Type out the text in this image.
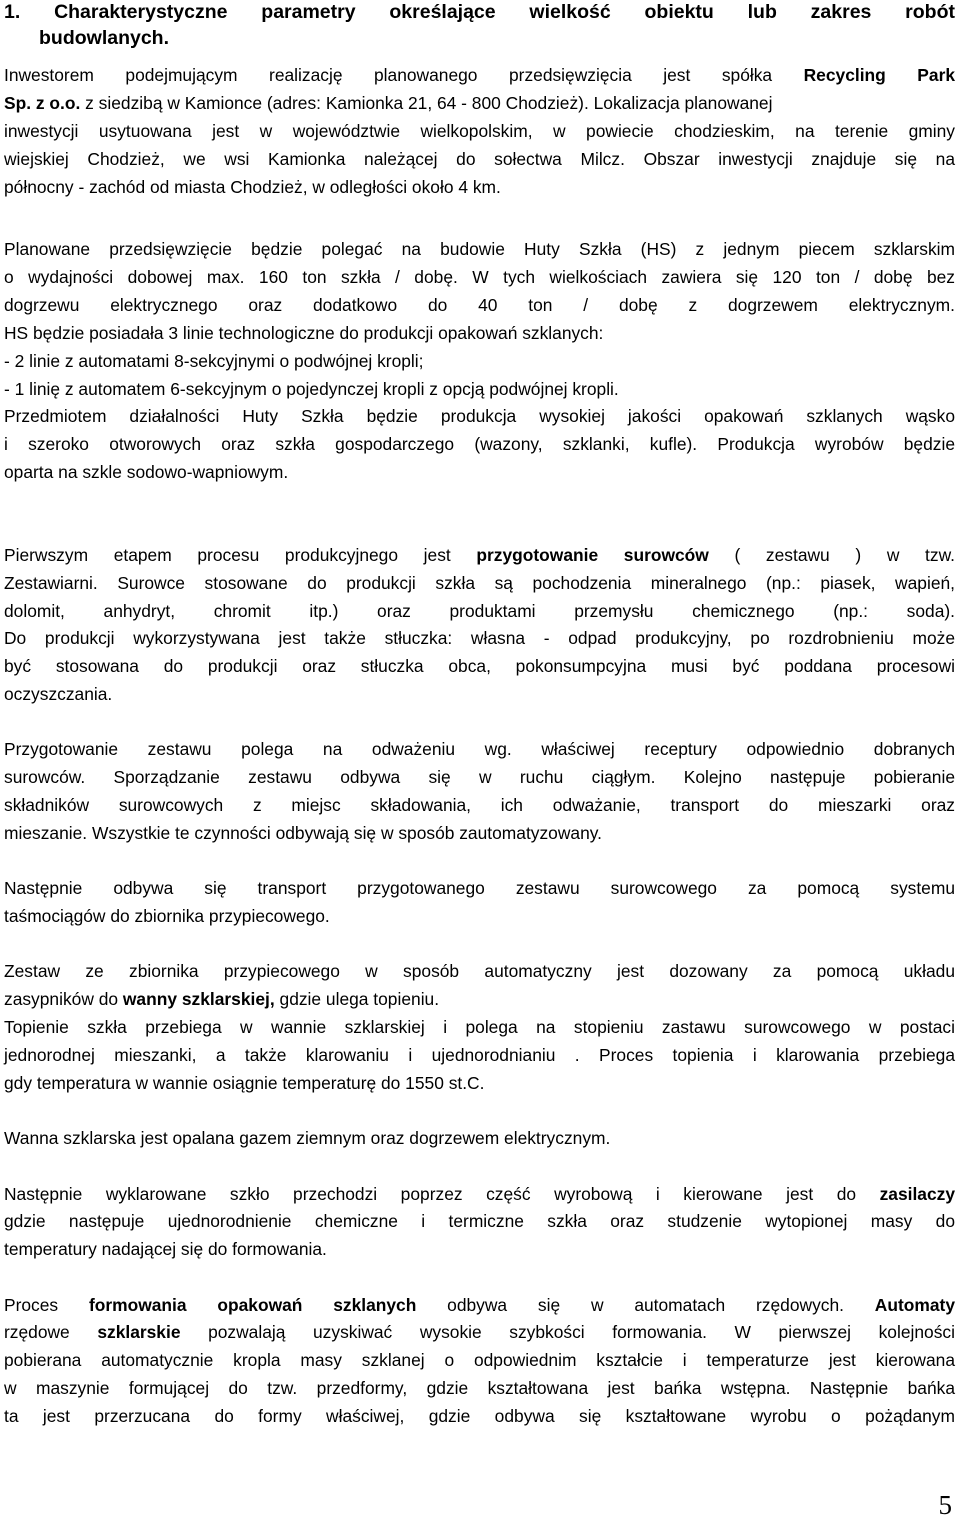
1. Charakterystyczne parametry określające wielkość obiektu lub zakres robót
budowlanych.
Inwestorem podejmującym realizację planowanego przedsięwzięcia jest spółka Recycling Park
Sp. z o.o. z siedzibą w Kamionce (adres: Kamionka 21, 64 - 800 Chodzież). Lokalizacja planowanej
inwestycji usytuowana jest w województwie wielkopolskim, w powiecie chodzieskim, na terenie gminy
wiejskiej Chodzież, we wsi Kamionka należącej do sołectwa Milcz. Obszar inwestycji znajduje się na
północny - zachód od miasta Chodzież, w odległości około 4 km.
Planowane przedsięwzięcie będzie polegać na budowie Huty Szkła (HS) z jednym piecem szklarskim
o wydajności dobowej max. 160 ton szkła / dobę. W tych wielkościach zawiera się 120 ton / dobę bez
dogrzewu elektrycznego oraz dodatkowo do 40 ton / dobę z dogrzewem elektrycznym.
HS będzie posiadała 3 linie technologiczne do produkcji opakowań szklanych:
- 2 linie z automatami 8-sekcyjnymi o podwójnej kropli;
- 1 linię z automatem 6-sekcyjnym o pojedynczej kropli z opcją podwójnej kropli.
Przedmiotem działalności Huty Szkła będzie produkcja wysokiej jakości opakowań szklanych wąsko
i szeroko otworowych oraz szkła gospodarczego (wazony, szklanki, kufle). Produkcja wyrobów będzie
oparta na szkle sodowo-wapniowym.
Pierwszym etapem procesu produkcyjnego jest przygotowanie surowców ( zestawu ) w tzw.
Zestawiarni. Surowce stosowane do produkcji szkła są pochodzenia mineralnego (np.: piasek, wapień,
dolomit, anhydryt, chromit itp.) oraz produktami przemysłu chemicznego (np.: soda).
Do produkcji wykorzystywana jest także stłuczka: własna - odpad produkcyjny, po rozdrobnieniu może
być stosowana do produkcji oraz stłuczka obca, pokonsumpcyjna musi być poddana procesowi
oczyszczania.
Przygotowanie zestawu polega na odważeniu wg. właściwej receptury odpowiednio dobranych
surowców. Sporządzanie zestawu odbywa się w ruchu ciągłym. Kolejno następuje pobieranie
składników surowcowych z miejsc składowania, ich odważanie, transport do mieszarki oraz
mieszanie. Wszystkie te czynności odbywają się w sposób zautomatyzowany.
Następnie odbywa się transport przygotowanego zestawu surowcowego za pomocą systemu
taśmociągów do zbiornika przypiecowego.
Zestaw ze zbiornika przypiecowego w sposób automatyczny jest dozowany za pomocą układu
zasypników do wanny szklarskiej, gdzie ulega topieniu.
Topienie szkła przebiega w wannie szklarskiej i polega na stopieniu zastawu surowcowego w postaci
jednorodnej mieszanki, a także klarowaniu i ujednorodnianiu . Proces topienia i klarowania przebiega
gdy temperatura w wannie osiągnie temperaturę do 1550 st.C.
Wanna szklarska jest opalana gazem ziemnym oraz dogrzewem elektrycznym.
Następnie wyklarowane szkło przechodzi poprzez część wyrobową i kierowane jest do zasilaczy
gdzie następuje ujednorodnienie chemiczne i termiczne szkła oraz studzenie wytopionej masy do
temperatury nadającej się do formowania.
Proces formowania opakowań szklanych odbywa się w automatach rzędowych. Automaty
rzędowe szklarskie pozwalają uzyskiwać wysokie szybkości formowania. W pierwszej kolejności
pobierana automatycznie kropla masy szklanej o odpowiednim kształcie i temperaturze jest kierowana
w maszynie formującej do tzw. przedformy, gdzie kształtowana jest bańka wstępna. Następnie bańka
ta jest przerzucana do formy właściwej, gdzie odbywa się kształtowane wyrobu o pożądanym
5
